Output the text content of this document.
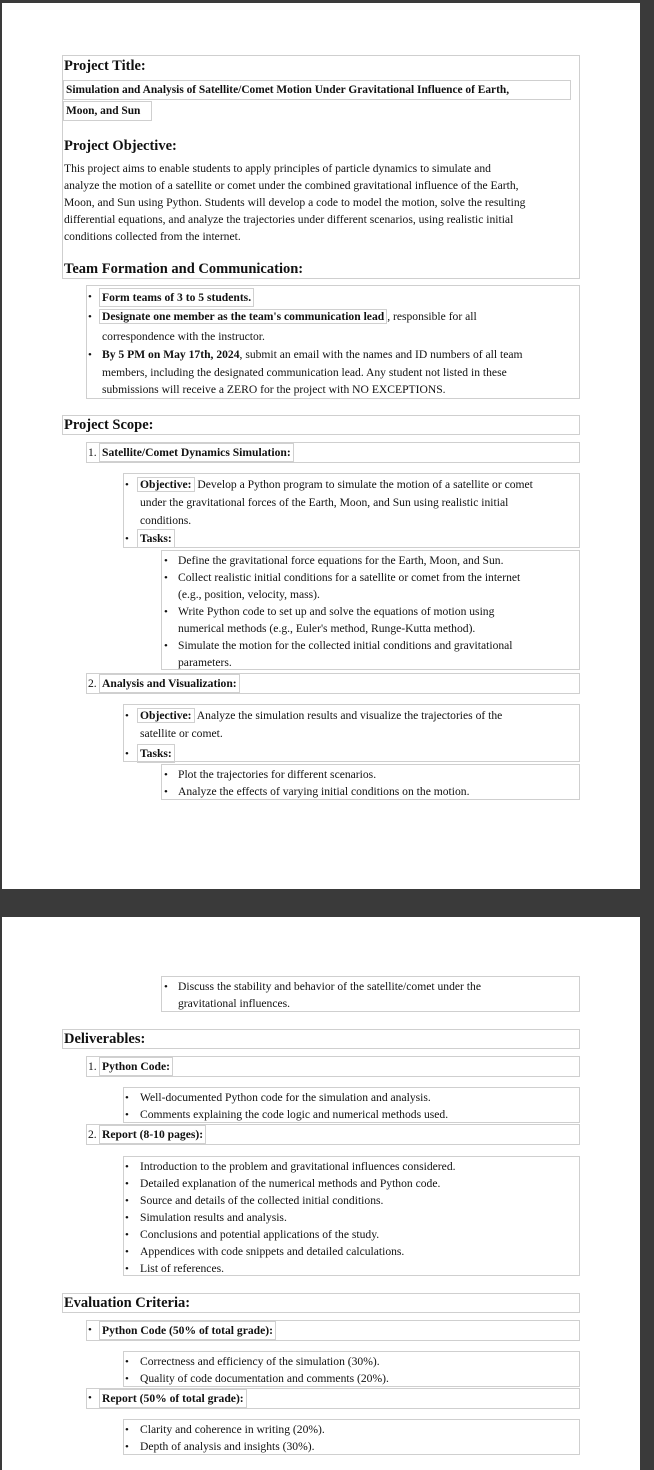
Project Title:
Simulation and Analysis of Satellite/Comet Motion Under Gravitational Influence of Earth,
Moon, and Sun
Project Objective:
This project aims to enable students to apply principles of particle dynamics to simulate and
analyze the motion of a satellite or comet under the combined gravitational influence of the Earth,
Moon, and Sun using Python. Students will develop a code to model the motion, solve the resulting
differential equations, and analyze the trajectories under different scenarios, using realistic initial
conditions collected from the internet.
Team Formation and Communication:
• Form teams of 3 to 5 students.
• Designate one member as the team's communication lead , responsible for all
correspondence with the instructor.
• By 5 PM on May 17th, 2024, submit an email with the names and ID numbers of all team
members, including the designated communication lead. Any student not listed in these
submissions will receive a ZERO for the project with NO EXCEPTIONS.
Project Scope:
1. Satellite/Comet Dynamics Simulation:
• Objective: Develop a Python program to simulate the motion of a satellite or comet
under the gravitational forces of the Earth, Moon, and Sun using realistic initial
conditions.
• Tasks:
• Define the gravitational force equations for the Earth, Moon, and Sun.
• Collect realistic initial conditions for a satellite or comet from the internet
(e.g., position, velocity, mass).
• Write Python code to set up and solve the equations of motion using
numerical methods (e.g., Euler's method, Runge-Kutta method).
• Simulate the motion for the collected initial conditions and gravitational
parameters.
2. Analysis and Visualization:
• Objective: Analyze the simulation results and visualize the trajectories of the
satellite or comet.
• Tasks:
• Plot the trajectories for different scenarios.
• Analyze the effects of varying initial conditions on the motion.
• Discuss the stability and behavior of the satellite/comet under the
gravitational influences.
Deliverables:
1. Python Code:
• Well-documented Python code for the simulation and analysis.
• Comments explaining the code logic and numerical methods used.
2. Report (8-10 pages):
• Introduction to the problem and gravitational influences considered.
• Detailed explanation of the numerical methods and Python code.
• Source and details of the collected initial conditions.
• Simulation results and analysis.
• Conclusions and potential applications of the study.
• Appendices with code snippets and detailed calculations.
• List of references.
Evaluation Criteria:
• Python Code (50% of total grade):
• Correctness and efficiency of the simulation (30%).
• Quality of code documentation and comments (20%).
• Report (50% of total grade):
• Clarity and coherence in writing (20%).
• Depth of analysis and insights (30%).
